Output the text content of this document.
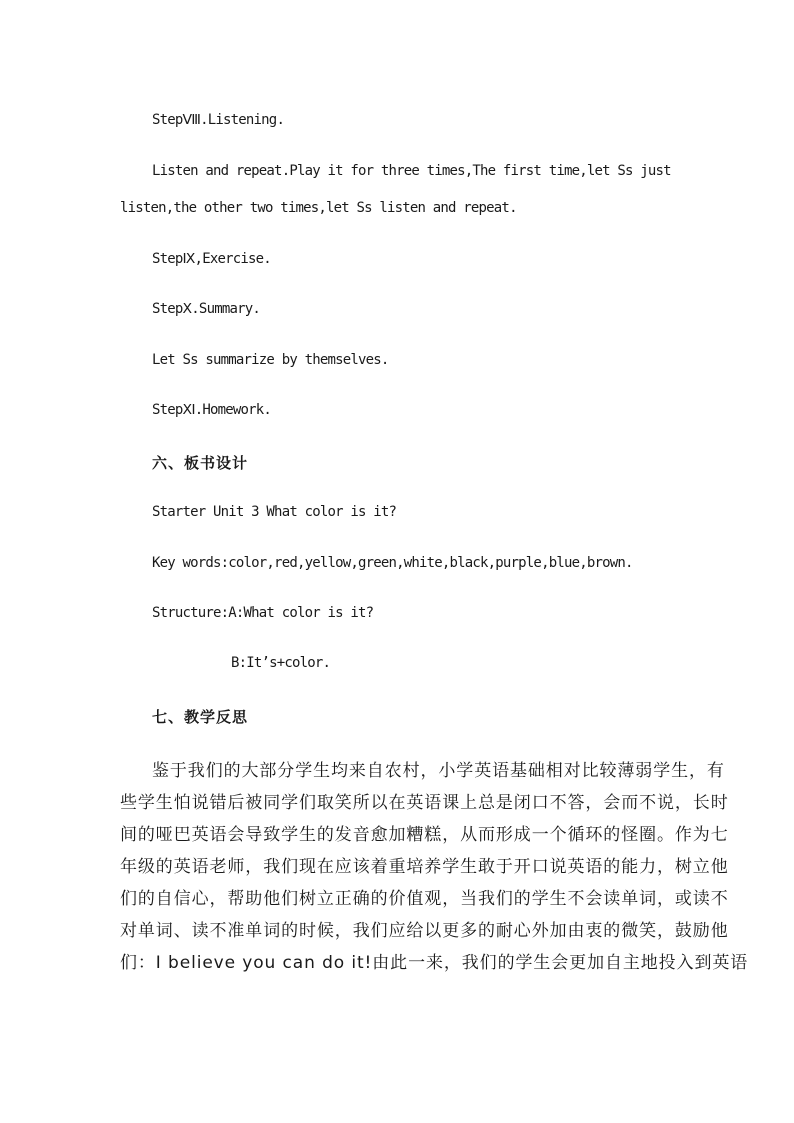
StepⅧ.Listening.
Listen and repeat.Play it for three times,The first time,let Ss just
listen,the other two times,let Ss listen and repeat.
StepⅨ,Exercise.
StepⅩ.Summary.
Let Ss summarize by themselves.
StepⅪ.Homework.
六、板书设计
Starter Unit 3 What color is it?
Key words:color,red,yellow,green,white,black,purple,blue,brown.
Structure:A:What color is it?
B:It’s+color.
七、教学反思
鉴于我们的大部分学生均来自农村，小学英语基础相对比较薄弱学生，有
些学生怕说错后被同学们取笑所以在英语课上总是闭口不答，会而不说，长时
间的哑巴英语会导致学生的发音愈加糟糕，从而形成一个循环的怪圈。作为七
年级的英语老师，我们现在应该着重培养学生敢于开口说英语的能力，树立他
们的自信心，帮助他们树立正确的价值观，当我们的学生不会读单词，或读不
对单词、读不准单词的时候，我们应给以更多的耐心外加由衷的微笑，鼓励他
们：I believe you can do it!由此一来，我们的学生会更加自主地投入到英语
